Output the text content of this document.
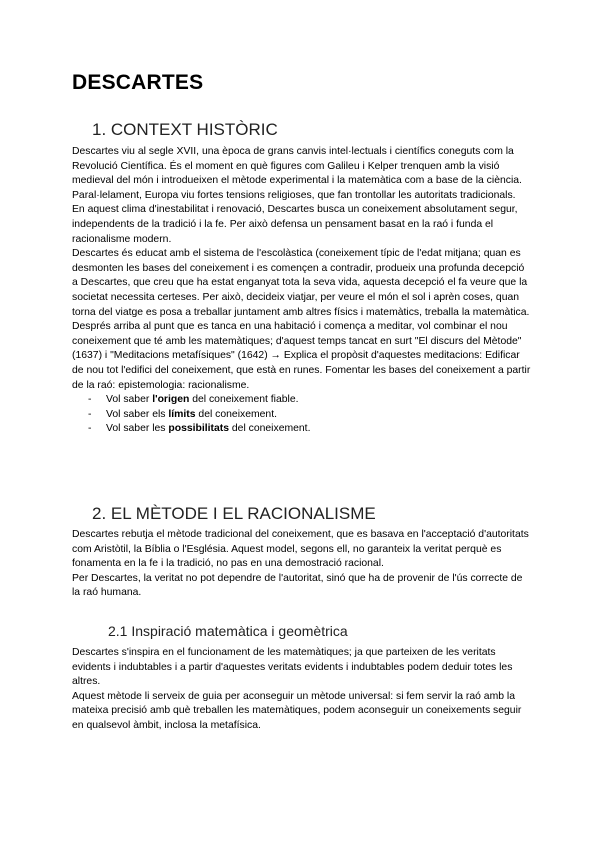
DESCARTES
1. CONTEXT HISTÒRIC

Descartes viu al segle XVII, una època de grans canvis intel·lectuals i científics coneguts com la Revolució Científica. És el moment en què figures com Galileu i Kelper trenquen amb la visió medieval del món i introdueixen el mètode experimental i la matemàtica com a base de la ciència. Paral·lelament, Europa viu fortes tensions religioses, que fan trontollar les autoritats tradicionals.

En aquest clima d'inestabilitat i renovació, Descartes busca un coneixement absolutament segur, independents de la tradició i la fe. Per això defensa un pensament basat en la raó i funda el racionalisme modern.

Descartes és educat amb el sistema de l'escolàstica (coneixement típic de l'edat mitjana; quan es desmonten les bases del coneixement i es començen a contradir, produeix una profunda decepció a Descartes, que creu que ha estat enganyat tota la seva vida, aquesta decepció el fa veure que la societat necessita certeses. Per això, decideix viatjar, per veure el món el sol i aprèn coses, quan torna del viatge es posa a treballar juntament amb altres físics i matemàtics, treballa la matemàtica. Després arriba al punt que es tanca en una habitació i comença a meditar, vol combinar el nou coneixement que té amb les matemàtiques; d'aquest temps tancat en surt "El discurs del Mètode" (1637) i "Meditacions metafísiques" (1642) → Explica el propòsit d'aquestes meditacions: Edificar de nou tot l'edifici del coneixement, que està en runes. Fomentar les bases del coneixement a partir de la raó: epistemologia: racionalisme.

- Vol saber l'origen del coneixement fiable.
- Vol saber els límits del coneixement.
- Vol saber les possibilitats del coneixement.
2. EL MÈTODE I EL RACIONALISME

Descartes rebutja el mètode tradicional del coneixement, que es basava en l'acceptació d'autoritats com Aristòtil, la Bíblia o l'Església. Aquest model, segons ell, no garanteix la veritat perquè es fonamenta en la fe i la tradició, no pas en una demostració racional.

Per Descartes, la veritat no pot dependre de l'autoritat, sinó que ha de provenir de l'ús correcte de la raó humana.

2.1 Inspiració matemàtica i geomètrica

Descartes s'inspira en el funcionament de les matemàtiques; ja que parteixen de les veritats evidents i indubtables i a partir d'aquestes veritats evidents i indubtables podem deduir totes les altres.

Aquest mètode li serveix de guia per aconseguir un mètode universal: si fem servir la raó amb la mateixa precisió amb què treballen les matemàtiques, podem aconseguir un coneixements seguir en qualsevol àmbit, inclosa la metafísica.
